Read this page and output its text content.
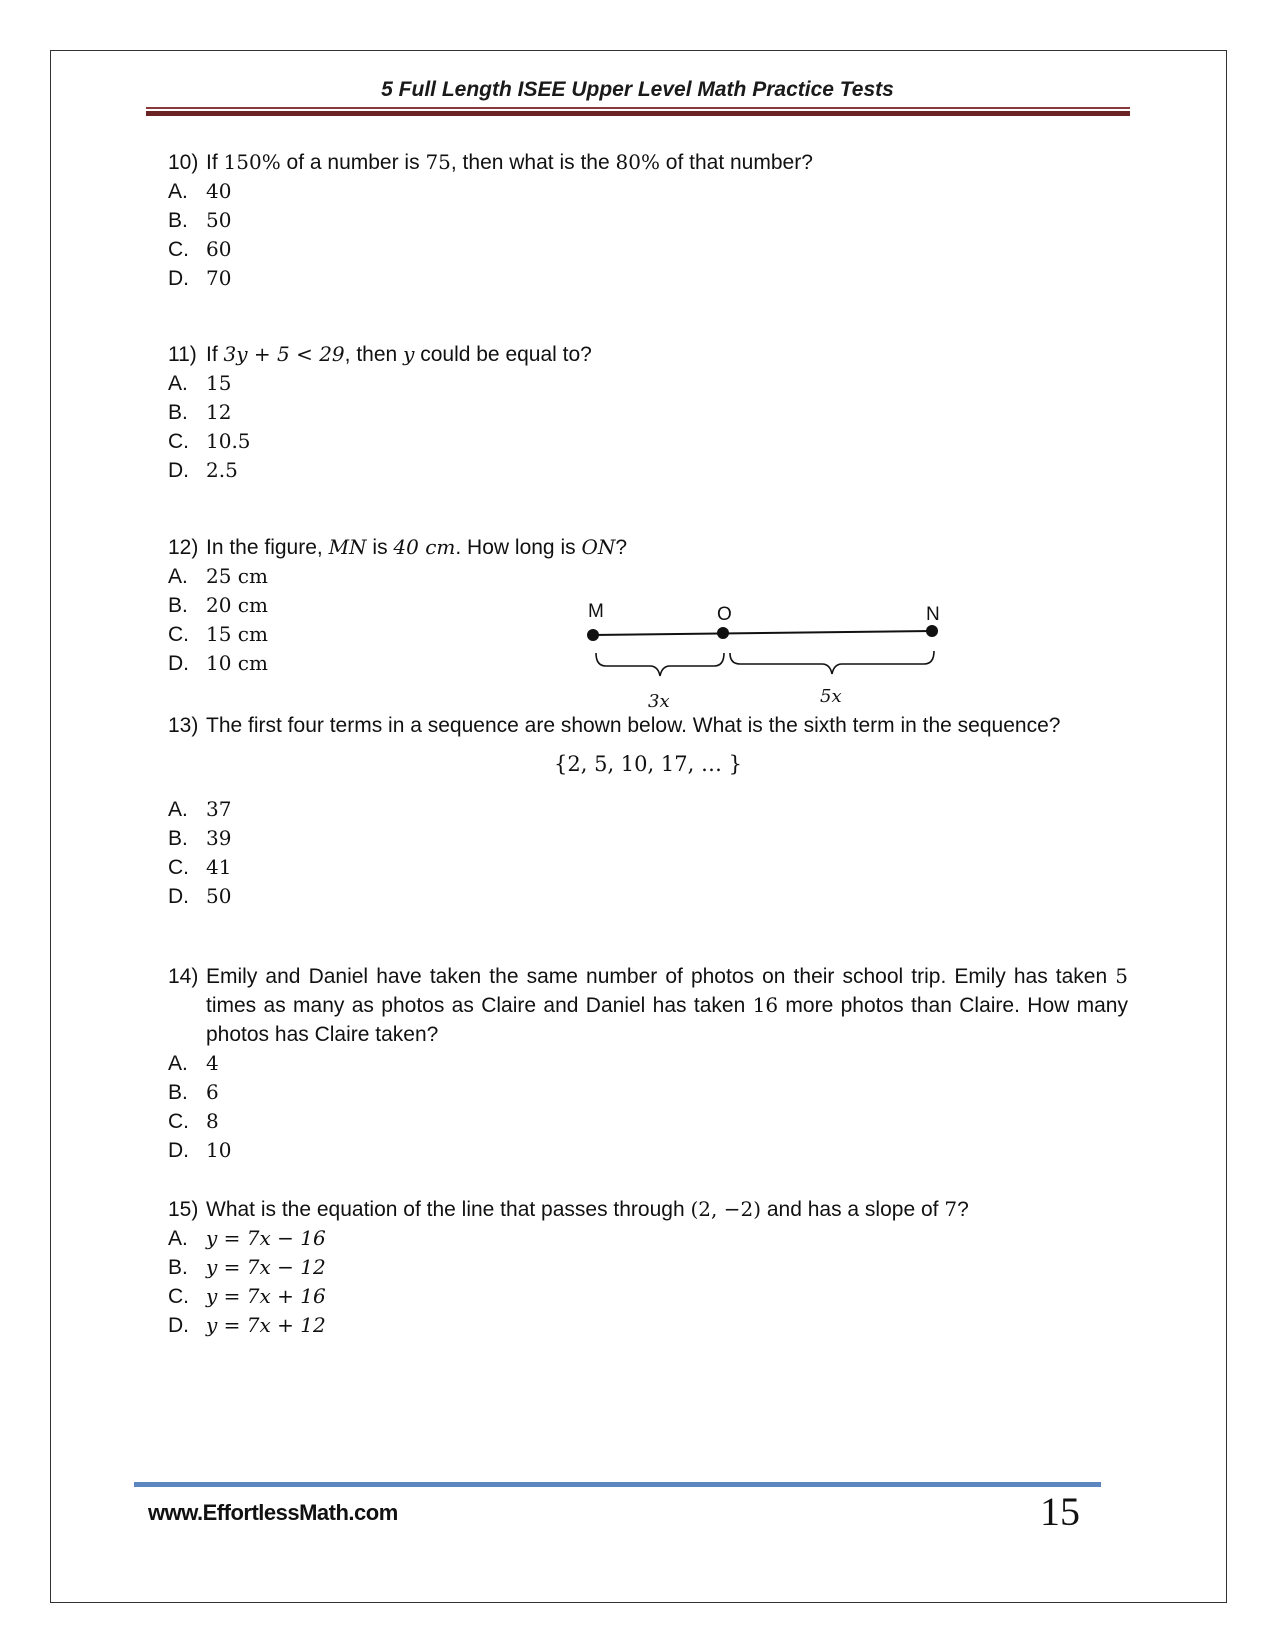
5 Full Length ISEE Upper Level Math Practice Tests
10) If 150% of a number is 75, then what is the 80% of that number?
A. 40
B. 50
C. 60
D. 70
11) If 3y + 5 < 29, then y could be equal to?
A. 15
B. 12
C. 10.5
D. 2.5
12) In the figure, MN is 40 cm. How long is ON?
A. 25 cm
B. 20 cm
C. 15 cm
D. 10 cm
M	O	N
3x	5x
13) The first four terms in a sequence are shown below. What is the sixth term in the sequence?
{2, 5, 10, 17, … }
A. 37
B. 39
C. 41
D. 50
14) Emily and Daniel have taken the same number of photos on their school trip. Emily has taken 5 times as many as photos as Claire and Daniel has taken 16 more photos than Claire. How many photos has Claire taken?
A. 4
B. 6
C. 8
D. 10
15) What is the equation of the line that passes through (2, −2) and has a slope of 7?
A. y = 7x − 16
B. y = 7x − 12
C. y = 7x + 16
D. y = 7x + 12
www.EffortlessMath.com	15
